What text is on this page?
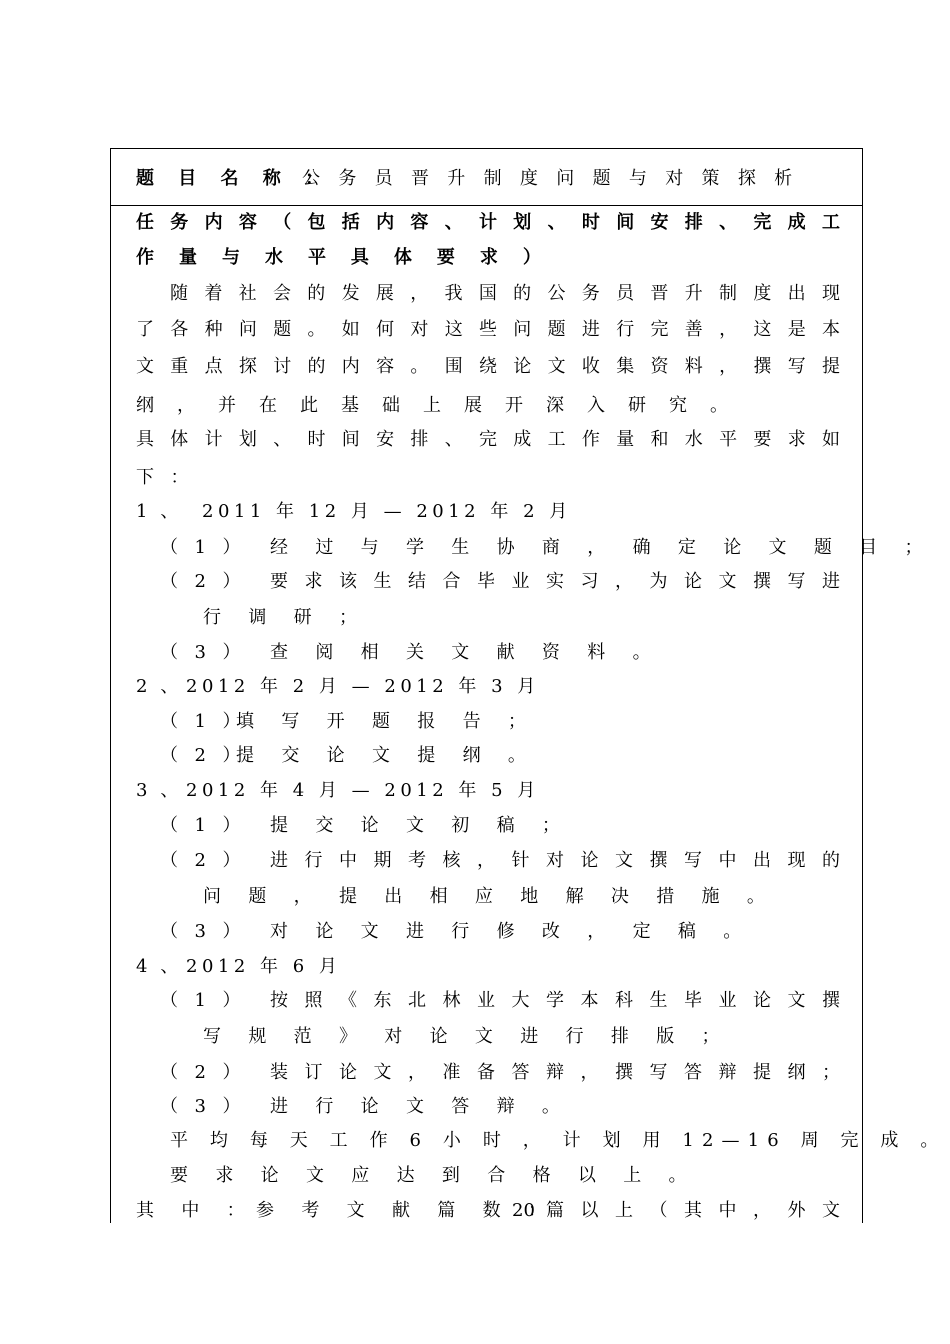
题 目 名 称 ：
公 务 员 晋 升 制 度 问 题 与 对 策 探 析
任 务 内 容 （ 包 括 内 容 、 计 划 、 时 间 安 排 、 完 成 工
作 量 与 水 平 具 体 要 求 ）
随 着 社 会 的 发 展 ， 我 国 的 公 务 员 晋 升 制 度 出 现
了 各 种 问 题 。 如 何 对 这 些 问 题 进 行 完 善 ， 这 是 本
文 重 点 探 讨 的 内 容 。 围 绕 论 文 收 集 资 料 ， 撰 写 提
纲 ， 并 在 此 基 础 上 展 开 深 入 研 究 。
具 体 计 划 、 时 间 安 排 、 完 成 工 作 量 和 水 平 要 求 如
下 ：
1 、 2011 年 12 月 — 2012 年 2 月
（ 1 ） 经 过 与 学 生 协 商 ， 确 定 论 文 题 目 ；
（ 2 ） 要 求 该 生 结 合 毕 业 实 习 ， 为 论 文 撰 写 进
行 调 研 ；
（ 3 ） 查 阅 相 关 文 献 资 料 。
2 、 2012 年 2 月 — 2012 年 3 月
（ 1 ）
填 写 开 题 报 告 ；
（ 2 ）
提 交 论 文 提 纲 。
3 、 2012 年 4 月 — 2012 年 5 月
（ 1 ） 提 交 论 文 初 稿 ；
（ 2 ） 进 行 中 期 考 核 ， 针 对 论 文 撰 写 中 出 现 的
问 题 ， 提 出 相 应 地 解 决 措 施 。
（ 3 ） 对 论 文 进 行 修 改 ， 定 稿 。
4 、 2012 年 6 月
（ 1 ） 按 照 《 东 北 林 业 大 学 本 科 生 毕 业 论 文 撰
写 规 范 》 对 论 文 进 行 排 版 ；
（ 2 ） 装 订 论 文 ， 准 备 答 辩 ， 撰 写 答 辩 提 纲 ；
（ 3 ） 进 行 论 文 答 辩 。
平 均 每 天 工 作 6 小 时 ， 计 划 用 12—16 周 完 成 。
要 求 论 文 应 达 到 合 格 以 上 。
其 中 ： 参 考 文 献 篇 数 ：
20 篇 以 上 （ 其 中 ， 外 文
